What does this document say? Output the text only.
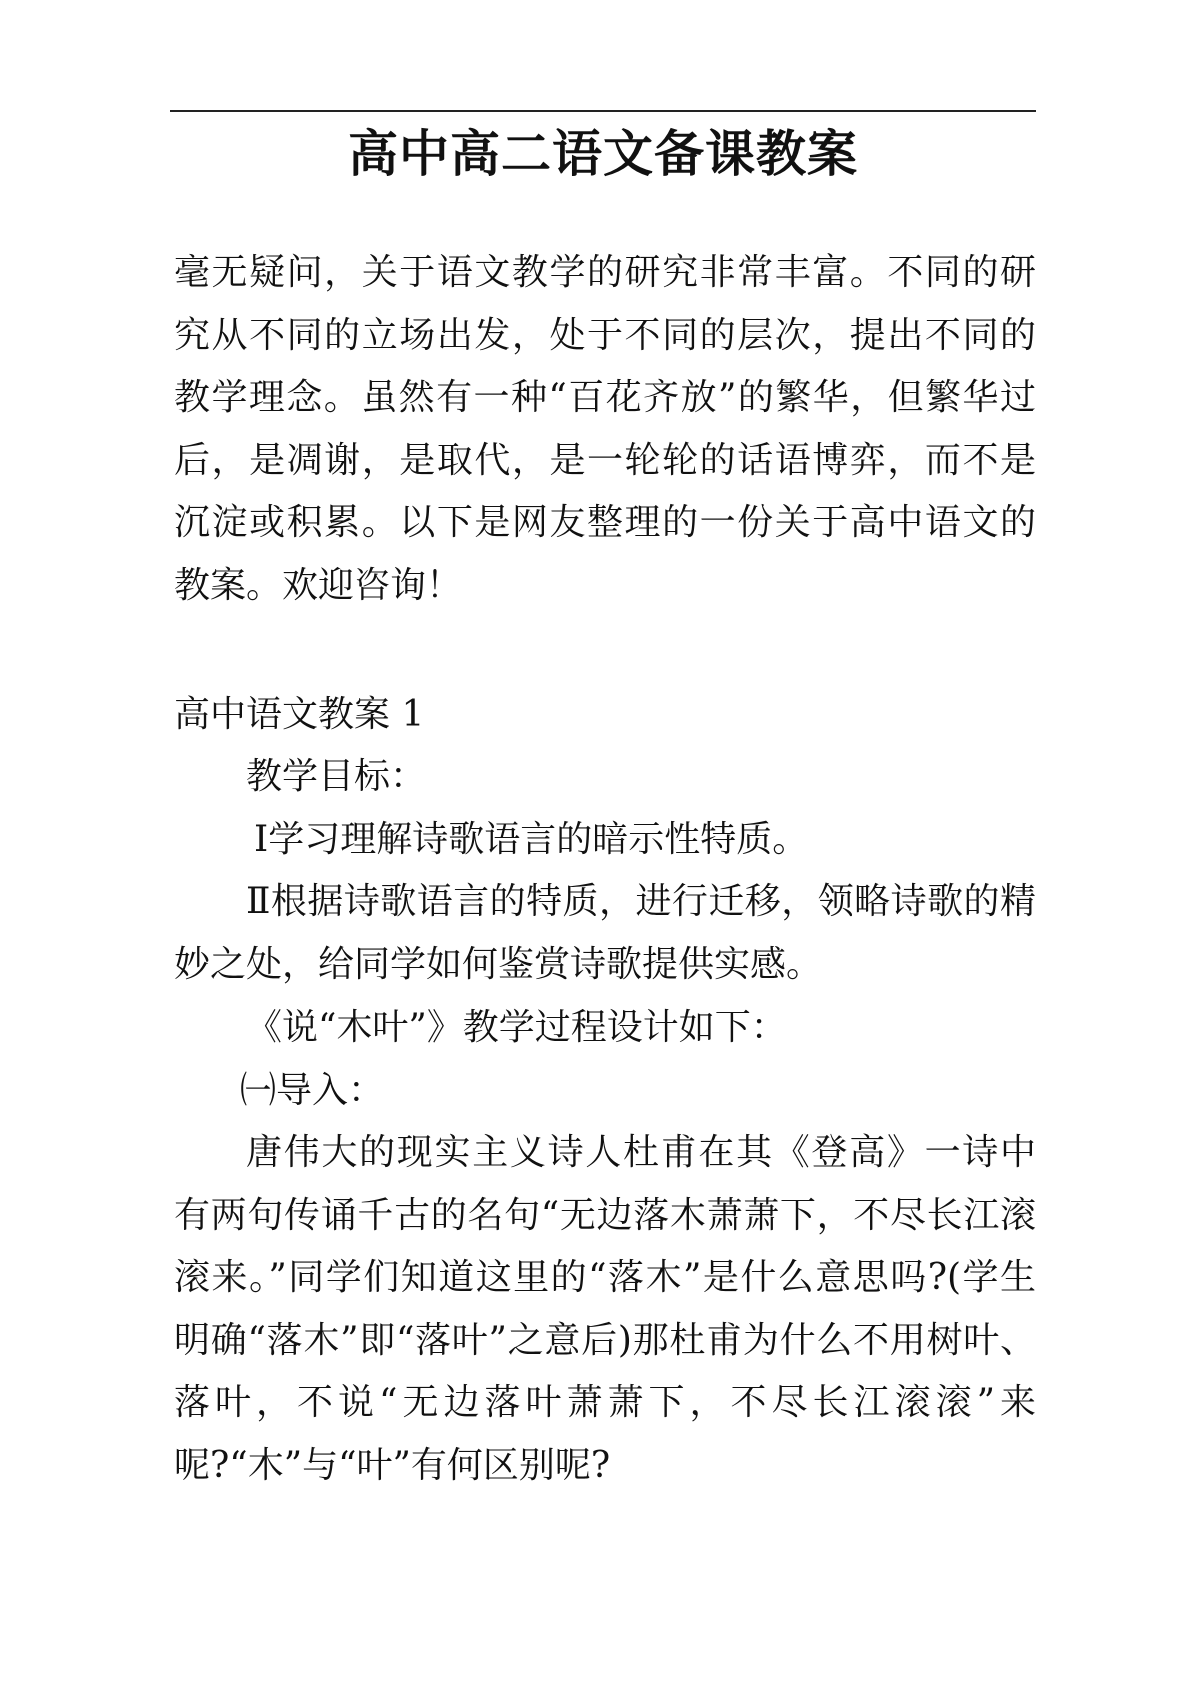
高中高二语文备课教案

毫无疑问，关于语文教学的研究非常丰富。不同的研究从不同的立场出发，处于不同的层次，提出不同的教学理念。虽然有一种“百花齐放”的繁华，但繁华过后，是凋谢，是取代，是一轮轮的话语博弈，而不是沉淀或积累。以下是网友整理的一份关于高中语文的教案。欢迎咨询！

高中语文教案 1

教学目标：

Ⅰ学习理解诗歌语言的暗示性特质。

Ⅱ根据诗歌语言的特质，进行迁移，领略诗歌的精妙之处，给同学如何鉴赏诗歌提供实感。

《说“木叶”》教学过程设计如下：

㈠导入：

唐伟大的现实主义诗人杜甫在其《登高》一诗中有两句传诵千古的名句“无边落木萧萧下，不尽长江滚滚来。”同学们知道这里的“落木”是什么意思吗?(学生明确“落木”即“落叶”之意后)那杜甫为什么不用树叶、落叶，不说“无边落叶萧萧下，不尽长江滚滚”来呢?“木”与“叶”有何区别呢?
